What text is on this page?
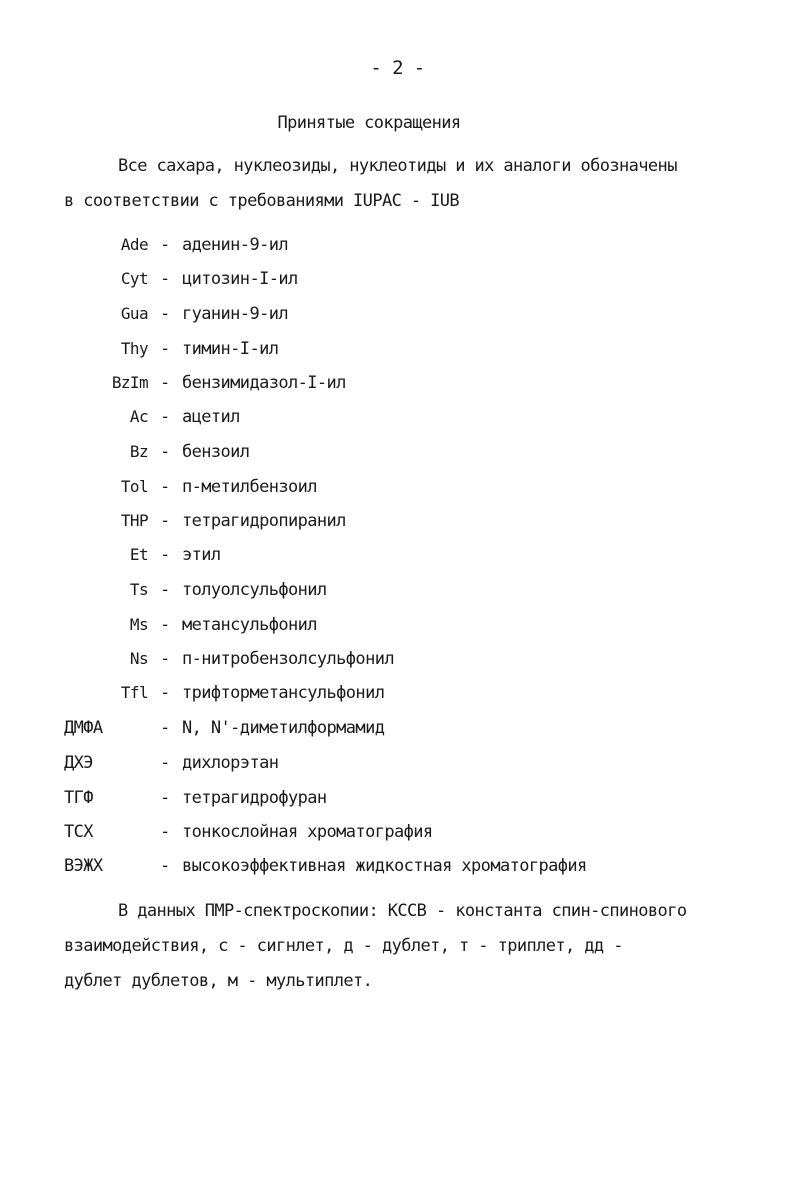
- 2 -
Принятые сокращения
Все сахара, нуклеозиды, нуклеотиды и их аналоги обозначены
в соответствии с требованиями IUPAC - IUB
Ade - аденин-9-ил
Cyt - цитозин-I-ил
Gua - гуанин-9-ил
Thy - тимин-I-ил
BzIm - бензимидазол-I-ил
Ac - ацетил
Bz - бензоил
Tol - п-метилбензоил
THP - тетрагидропиранил
Et - этил
Ts - толуолсульфонил
Ms - метансульфонил
Ns - п-нитробензолсульфонил
Tfl - трифторметансульфонил
ДМФА	- N, N'-диметилформамид
ДХЭ	- дихлорэтан
ТГФ	- тетрагидрофуран
ТСХ	- тонкослойная хроматография
ВЭЖХ	- высокоэффективная жидкостная хроматография
В данных ПМР-спектроскопии: КССВ - константа спин-спинового
взаимодействия, с - сигнлет, д - дублет, т - триплет, дд -
дублет дублетов, м - мультиплет.
